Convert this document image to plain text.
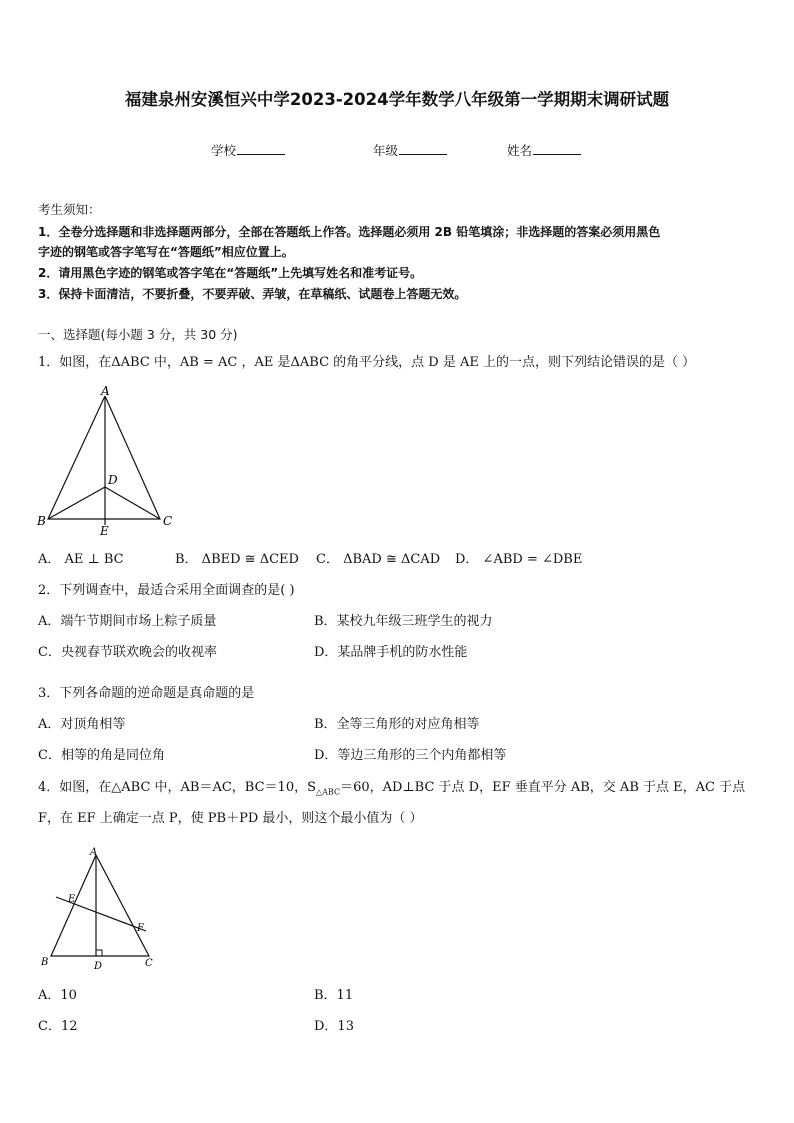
福建泉州安溪恒兴中学2023-2024学年数学八年级第一学期期末调研试题
学校	年级	姓名
考生须知：
1．全卷分选择题和非选择题两部分，全部在答题纸上作答。选择题必须用 2B 铅笔填涂；非选择题的答案必须用黑色
字迹的钢笔或答字笔写在“答题纸”相应位置上。
2．请用黑色字迹的钢笔或答字笔在“答题纸”上先填写姓名和准考证号。
3．保持卡面清洁，不要折叠，不要弄破、弄皱，在草稿纸、试题卷上答题无效。
一、选择题(每小题 3 分，共 30 分)
1．如图，在ΔABC 中，AB = AC ，AE 是ΔABC 的角平分线，点 D 是 AE 上的一点，则下列结论错误的是（ ）
A
B	C
D
E
A． AE ⊥ BC	B． ΔBED ≅ ΔCED C． ΔBAD ≅ ΔCAD D． ∠ABD = ∠DBE
2．下列调查中，最适合采用全面调查的是( )
A．端午节期间市场上粽子质量	B．某校九年级三班学生的视力
C．央视春节联欢晚会的收视率	D．某品牌手机的防水性能
3．下列各命题的逆命题是真命题的是
A．对顶角相等	B．全等三角形的对应角相等
C．相等的角是同位角	D．等边三角形的三个内角都相等
4．如图，在△ABC 中，AB＝AC，BC＝10，$S_{\triangle ABC}=60$，AD⊥BC 于点 D，EF 垂直平分 AB，交 AB 于点 E，AC 于点
F，在 EF 上确定一点 P，使 PB＋PD 最小，则这个最小值为（ ）
A
B	C
D
E
F
A．10	B．11
C．12	D．13
